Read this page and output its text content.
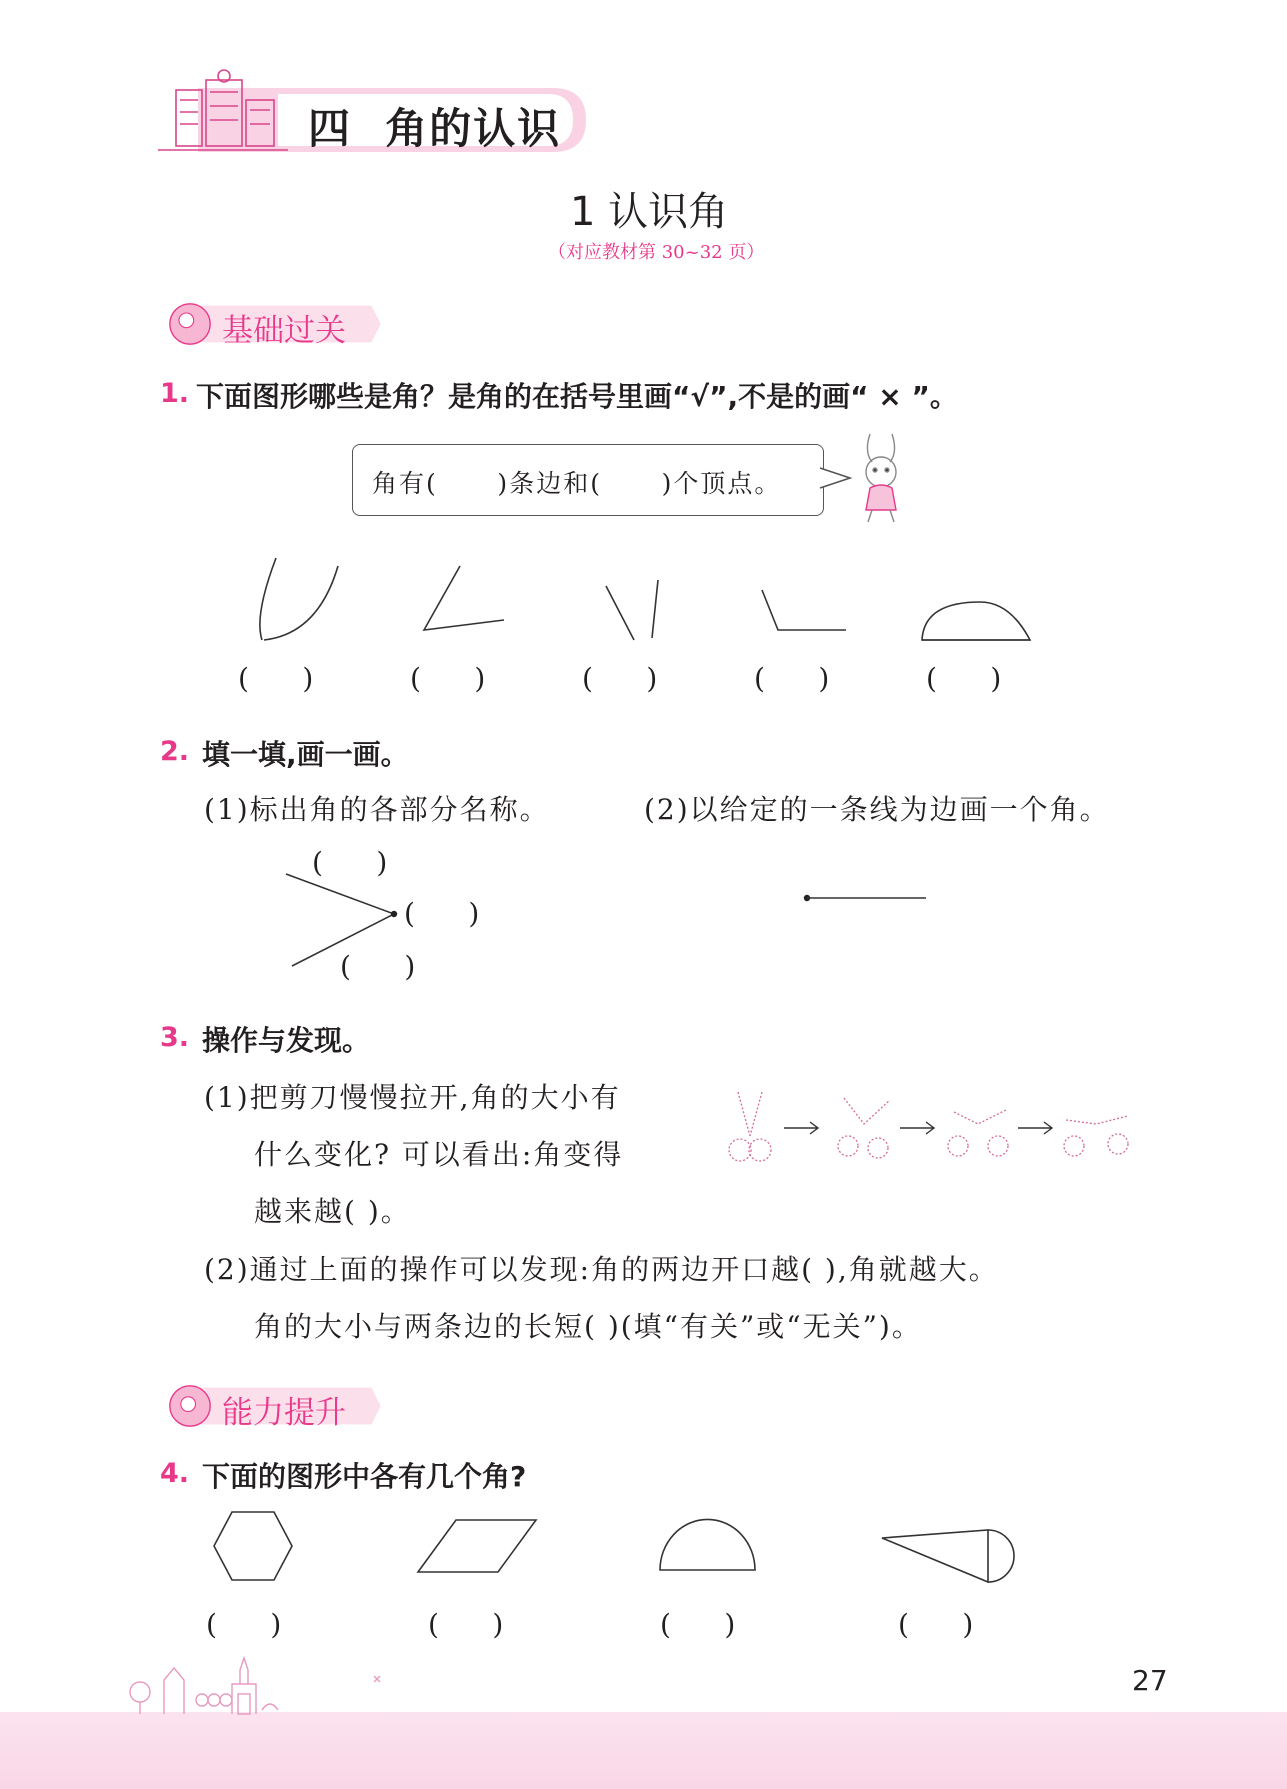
四 角的认识
1 认识角
（对应教材第 30~32 页）
基础过关
1. 下面图形哪些是角？是角的在括号里画“√”,不是的画“ × ”。
角有(      )条边和(      )个顶点。
(      )	(      )	(      )	(      )	(      )
2. 填一填,画一画。
(1)标出角的各部分名称。	(2)以给定的一条线为边画一个角。
(      )
(      )
(      )
3. 操作与发现。
(1)把剪刀慢慢拉开,角的大小有
什么变化? 可以看出:角变得
越来越( )。
(2)通过上面的操作可以发现:角的两边开口越( ),角就越大。
角的大小与两条边的长短( )(填“有关”或“无关”)。
能力提升
4. 下面的图形中各有几个角?
(      )	(      )	(      )	(      )
27
